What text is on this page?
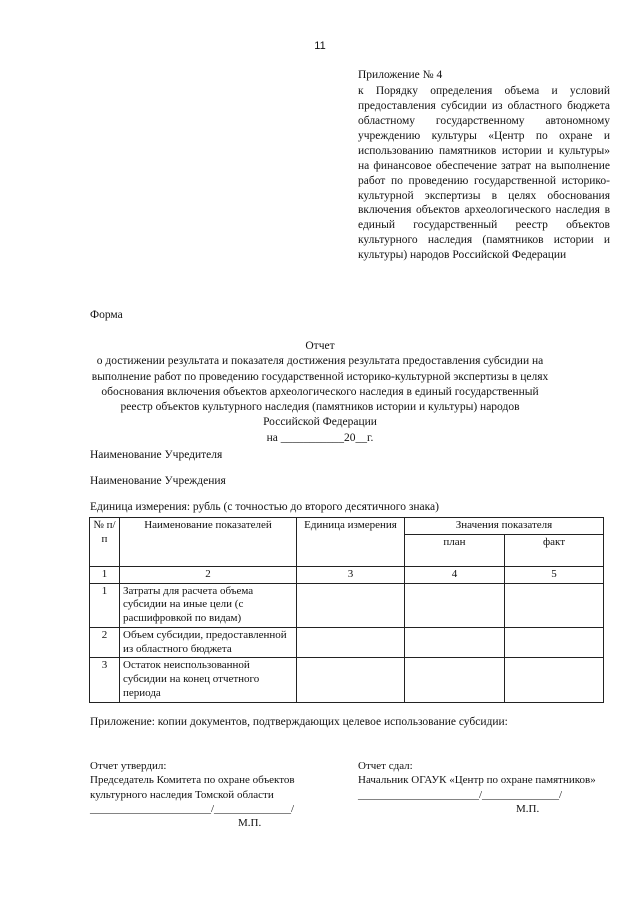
11
Приложение № 4
к Порядку определения объема и условий предоставления субсидии из областного бюджета областному государственному автономному учреждению культуры «Центр по охране и использованию памятников истории и культуры» на финансовое обеспечение затрат на выполнение работ по проведению государственной историко-культурной экспертизы в целях обоснования включения объектов археологического наследия в единый государственный реестр объектов культурного наследия (памятников истории и культуры) народов Российской Федерации
Форма
Отчет
о достижении результата и показателя достижения результата предоставления субсидии на
выполнение работ по проведению государственной историко-культурной экспертизы в целях
обоснования включения объектов археологического наследия в единый государственный
реестр объектов культурного наследия (памятников истории и культуры) народов
Российской Федерации
на ___________20__г.
Наименование Учредителя
Наименование Учреждения
Единица измерения: рубль (с точностью до второго десятичного знака)
№ п/п	Наименование показателей	Единица измерения	Значения показателя	
			план	факт
1	2	3	4	5
1	Затраты для расчета объема субсидии на иные цели (с расшифровкой по видам)			
2	Объем субсидии, предоставленной из областного бюджета			
3	Остаток неиспользованной субсидии на конец отчетного периода			
Приложение: копии документов, подтверждающих целевое использование субсидии:
Отчет утвердил:
Председатель Комитета по охране объектов культурного наследия Томской области
______________________/______________/
М.П.
Отчет сдал:
Начальник ОГАУК «Центр по охране памятников»
______________________/______________/
М.П.
